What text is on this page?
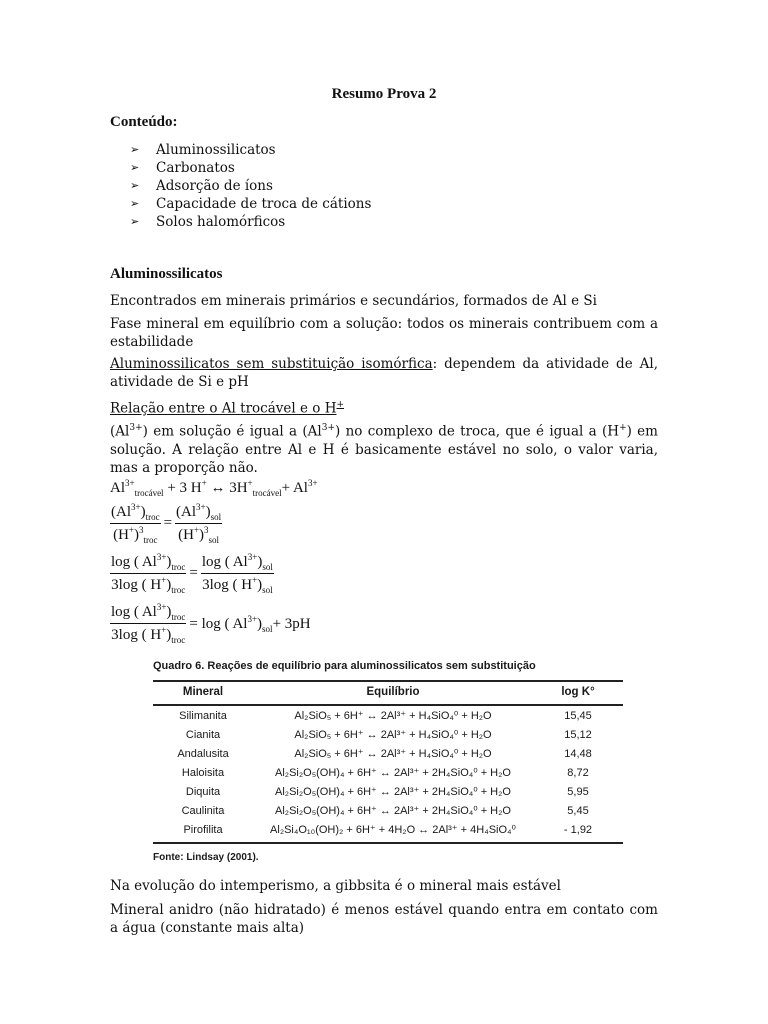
Resumo Prova 2
Conteúdo:
➢	Aluminossilicatos
➢	Carbonatos
➢	Adsorção de íons
➢	Capacidade de troca de cátions
➢	Solos halomórficos
Aluminossilicatos
Encontrados em minerais primários e secundários, formados de Al e Si
Fase mineral em equilíbrio com a solução: todos os minerais contribuem com a estabilidade
Aluminossilicatos sem substituição isomórfica: dependem da atividade de Al, atividade de Si e pH
Relação entre o Al trocável e o H+
$(Al^{3+})$ em solução é igual a $(Al^{3+})$ no complexo de troca, que é igual a (H+) em solução. A relação entre Al e H é basicamente estável no solo, o valor varia, mas a proporção não.
$Al^{3+}_{trocável} + 3$ H+ ↔ $3H^+_{trocável}+ Al^{3+}$
$\frac{(Al^{3+})_{troc}}{(H^+)^3_{troc}} = \frac{(Al^{3+})_{sol}}{(H^+)^3_{sol}}$
$\frac{\log ( Al^{3+})_{troc}}{3\log ( H^+)_{troc}} = \frac{\log ( Al^{3+})_{sol}}{3\log ( H^+)_{sol}}$
$\frac{\log ( Al^{3+})_{troc}}{3\log ( H^+)_{troc}} = \log$ ( $Al^{3+})_{sol}+ 3pH$
Quadro 6. Reações de equilíbrio para aluminossilicatos sem substituição
Mineral	Equilíbrio	log K°
Silimanita	Al₂SiO₅ + 6H⁺ ↔ 2Al³⁺ + H₄SiO₄⁰ + H₂O	15,45
Cianita	Al₂SiO₅ + 6H⁺ ↔ 2Al³⁺ + H₄SiO₄⁰ + H₂O	15,12
Andalusita	Al₂SiO₅ + 6H⁺ ↔ 2Al³⁺ + H₄SiO₄⁰ + H₂O	14,48
Haloisita	Al₂Si₂O₅(OH)₄ + 6H⁺ ↔ 2Al³⁺ + 2H₄SiO₄⁰ + H₂O	8,72
Diquita	Al₂Si₂O₅(OH)₄ + 6H⁺ ↔ 2Al³⁺ + 2H₄SiO₄⁰ + H₂O	5,95
Caulinita	Al₂Si₂O₅(OH)₄ + 6H⁺ ↔ 2Al³⁺ + 2H₄SiO₄⁰ + H₂O	5,45
Pirofilita	Al₂Si₄O₁₀(OH)₂ + 6H⁺ + 4H₂O ↔ 2Al³⁺ + 4H₄SiO₄⁰	- 1,92
Fonte: Lindsay (2001).
Na evolução do intemperismo, a gibbsita é o mineral mais estável
Mineral anidro (não hidratado) é menos estável quando entra em contato com a água (constante mais alta)
